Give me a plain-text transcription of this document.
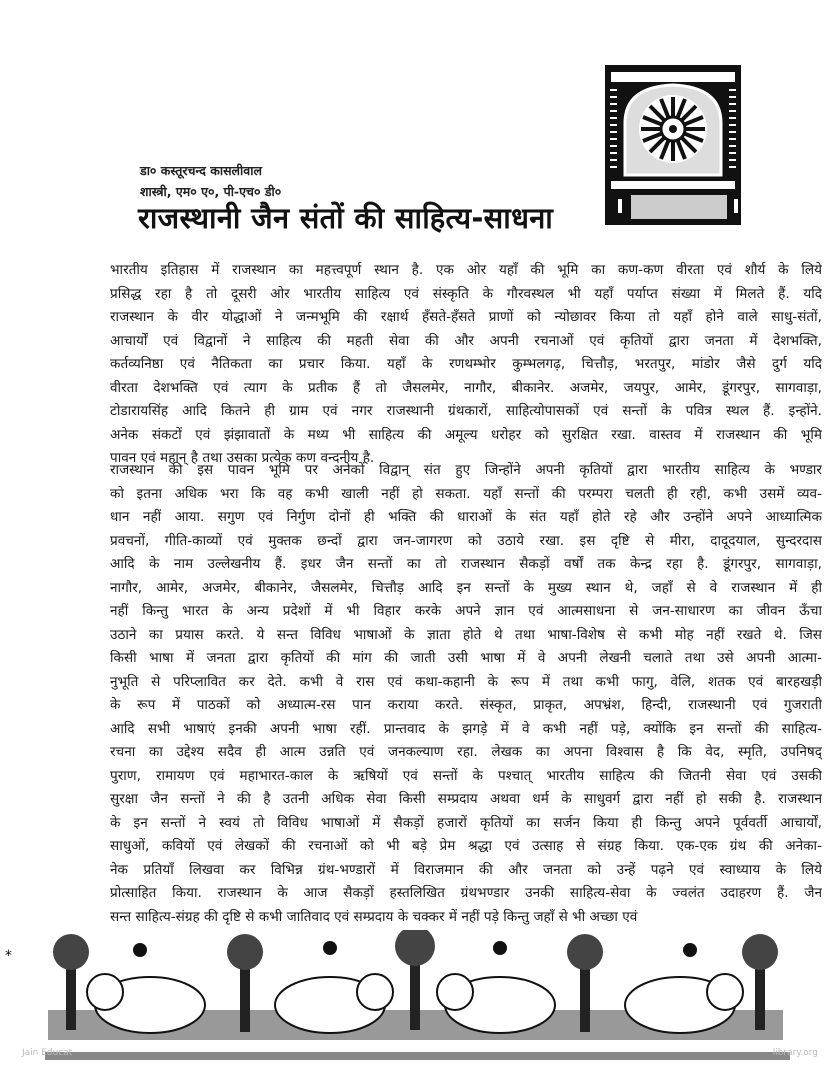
डा० कस्तूरचन्द कासलीवाल
शास्त्री, एम० ए०, पी-एच० डी०
राजस्थानी जैन संतों की साहित्य-साधना
भारतीय इतिहास में राजस्थान का महत्त्वपूर्ण स्थान है. एक ओर यहाँ की भूमि का कण-कण वीरता एवं शौर्य के लिये
प्रसिद्ध रहा है तो दूसरी ओर भारतीय साहित्य एवं संस्कृति के गौरवस्थल भी यहाँ पर्याप्त संख्या में मिलते हैं. यदि
राजस्थान के वीर योद्धाओं ने जन्मभूमि की रक्षार्थ हँसते-हँसते प्राणों को न्योछावर किया तो यहाँ होने वाले साधु-संतों,
आचार्यों एवं विद्वानों ने साहित्य की महती सेवा की और अपनी रचनाओं एवं कृतियों द्वारा जनता में देशभक्ति,
कर्तव्यनिष्ठा एवं नैतिकता का प्रचार किया. यहाँ के रणथम्भोर कुम्भलगढ़, चित्तौड़, भरतपुर, मांडोर जैसे दुर्ग यदि
वीरता देशभक्ति एवं त्याग के प्रतीक हैं तो जैसलमेर, नागौर, बीकानेर. अजमेर, जयपुर, आमेर, डूंगरपुर, सागवाड़ा,
टोडारायसिंह आदि कितने ही ग्राम एवं नगर राजस्थानी ग्रंथकारों, साहित्योपासकों एवं सन्तों के पवित्र स्थल हैं. इन्होंने.
अनेक संकटों एवं झंझावातों के मध्य भी साहित्य की अमूल्य धरोहर को सुरक्षित रखा. वास्तव में राजस्थान की भूमि
पावन एवं महान् है तथा उसका प्रत्येक कण वन्दनीय है.
राजस्थान की इस पावन भूमि पर अनेकों विद्वान् संत हुए जिन्होंने अपनी कृतियों द्वारा भारतीय साहित्य के भण्डार
को इतना अधिक भरा कि वह कभी खाली नहीं हो सकता. यहाँ सन्तों की परम्परा चलती ही रही, कभी उसमें व्यव-
धान नहीं आया. सगुण एवं निर्गुण दोनों ही भक्ति की धाराओं के संत यहाँ होते रहे और उन्होंने अपने आध्यात्मिक
प्रवचनों, गीति-काव्यों एवं मुक्तक छन्दों द्वारा जन-जागरण को उठाये रखा. इस दृष्टि से मीरा, दादूदयाल, सुन्दरदास
आदि के नाम उल्लेखनीय हैं. इधर जैन सन्तों का तो राजस्थान सैकड़ों वर्षों तक केन्द्र रहा है. डूंगरपुर, सागवाड़ा,
नागौर, आमेर, अजमेर, बीकानेर, जैसलमेर, चित्तौड़ आदि इन सन्तों के मुख्य स्थान थे, जहाँ से वे राजस्थान में ही
नहीं किन्तु भारत के अन्य प्रदेशों में भी विहार करके अपने ज्ञान एवं आत्मसाधना से जन-साधारण का जीवन ऊँचा
उठाने का प्रयास करते. ये सन्त विविध भाषाओं के ज्ञाता होते थे तथा भाषा-विशेष से कभी मोह नहीं रखते थे. जिस
किसी भाषा में जनता द्वारा कृतियों की मांग की जाती उसी भाषा में वे अपनी लेखनी चलाते तथा उसे अपनी आत्मा-
नुभूति से परिप्लावित कर देते. कभी वे रास एवं कथा-कहानी के रूप में तथा कभी फागु, वेलि, शतक एवं बारहखड़ी
के रूप में पाठकों को अध्यात्म-रस पान कराया करते. संस्कृत, प्राकृत, अपभ्रंश, हिन्दी, राजस्थानी एवं गुजराती
आदि सभी भाषाएं इनकी अपनी भाषा रहीं. प्रान्तवाद के झगड़े में वे कभी नहीं पड़े, क्योंकि इन सन्तों की साहित्य-
रचना का उद्देश्य सदैव ही आत्म उन्नति एवं जनकल्याण रहा. लेखक का अपना विश्वास है कि वेद, स्मृति, उपनिषद्
पुराण, रामायण एवं महाभारत-काल के ऋषियों एवं सन्तों के पश्चात् भारतीय साहित्य की जितनी सेवा एवं उसकी
सुरक्षा जैन सन्तों ने की है उतनी अधिक सेवा किसी सम्प्रदाय अथवा धर्म के साधुवर्ग द्वारा नहीं हो सकी है. राजस्थान
के इन सन्तों ने स्वयं तो विविध भाषाओं में सैकड़ों हजारों कृतियों का सर्जन किया ही किन्तु अपने पूर्ववर्ती आचार्यों,
साधुओं, कवियों एवं लेखकों की रचनाओं को भी बड़े प्रेम श्रद्धा एवं उत्साह से संग्रह किया. एक-एक ग्रंथ की अनेका-
नेक प्रतियाँ लिखवा कर विभिन्न ग्रंथ-भण्डारों में विराजमान की और जनता को उन्हें पढ़ने एवं स्वाध्याय के लिये
प्रोत्साहित किया. राजस्थान के आज सैकड़ों हस्तलिखित ग्रंथभण्डार उनकी साहित्य-सेवा के ज्वलंत उदाहरण हैं. जैन
सन्त साहित्य-संग्रह की दृष्टि से कभी जातिवाद एवं सम्प्रदाय के चक्कर में नहीं पड़े किन्तु जहाँ से भी अच्छा एवं
*
Jain Educat	library.org
